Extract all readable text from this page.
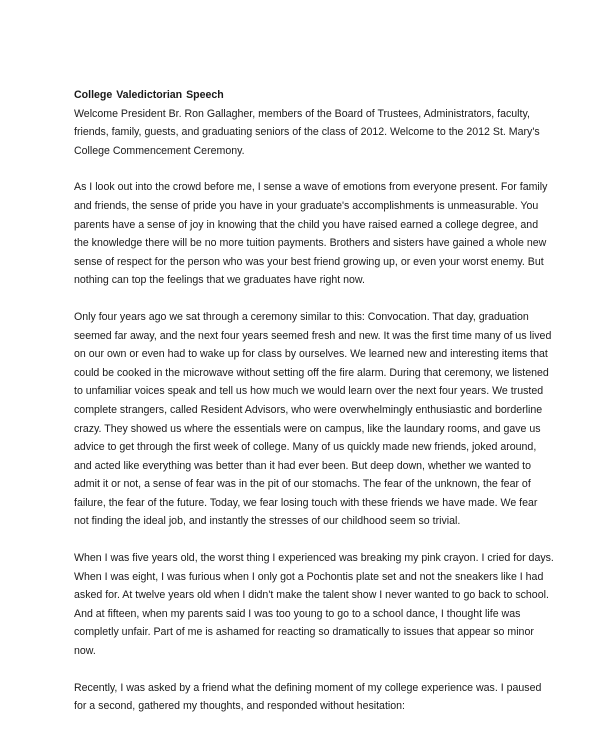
College Valedictorian Speech

Welcome President Br. Ron Gallagher, members of the Board of Trustees, Administrators, faculty, friends, family, guests, and graduating seniors of the class of 2012. Welcome to the 2012 St. Mary's College Commencement Ceremony.

As I look out into the crowd before me, I sense a wave of emotions from everyone present. For family and friends, the sense of pride you have in your graduate's accomplishments is unmeasurable. You parents have a sense of joy in knowing that the child you have raised earned a college degree, and the knowledge there will be no more tuition payments. Brothers and sisters have gained a whole new sense of respect for the person who was your best friend growing up, or even your worst enemy. But nothing can top the feelings that we graduates have right now.

Only four years ago we sat through a ceremony similar to this: Convocation. That day, graduation seemed far away, and the next four years seemed fresh and new. It was the first time many of us lived on our own or even had to wake up for class by ourselves. We learned new and interesting items that could be cooked in the microwave without setting off the fire alarm. During that ceremony, we listened to unfamiliar voices speak and tell us how much we would learn over the next four years. We trusted complete strangers, called Resident Advisors, who were overwhelmingly enthusiastic and borderline crazy. They showed us where the essentials were on campus, like the laundary rooms, and gave us advice to get through the first week of college. Many of us quickly made new friends, joked around, and acted like everything was better than it had ever been. But deep down, whether we wanted to admit it or not, a sense of fear was in the pit of our stomachs. The fear of the unknown, the fear of failure, the fear of the future. Today, we fear losing touch with these friends we have made. We fear not finding the ideal job, and instantly the stresses of our childhood seem so trivial.

When I was five years old, the worst thing I experienced was breaking my pink crayon. I cried for days. When I was eight, I was furious when I only got a Pochontis plate set and not the sneakers like I had asked for. At twelve years old when I didn't make the talent show I never wanted to go back to school. And at fifteen, when my parents said I was too young to go to a school dance, I thought life was completly unfair. Part of me is ashamed for reacting so dramatically to issues that appear so minor now.

Recently, I was asked by a friend what the defining moment of my college experience was. I paused for a second, gathered my thoughts, and responded without hesitation:
